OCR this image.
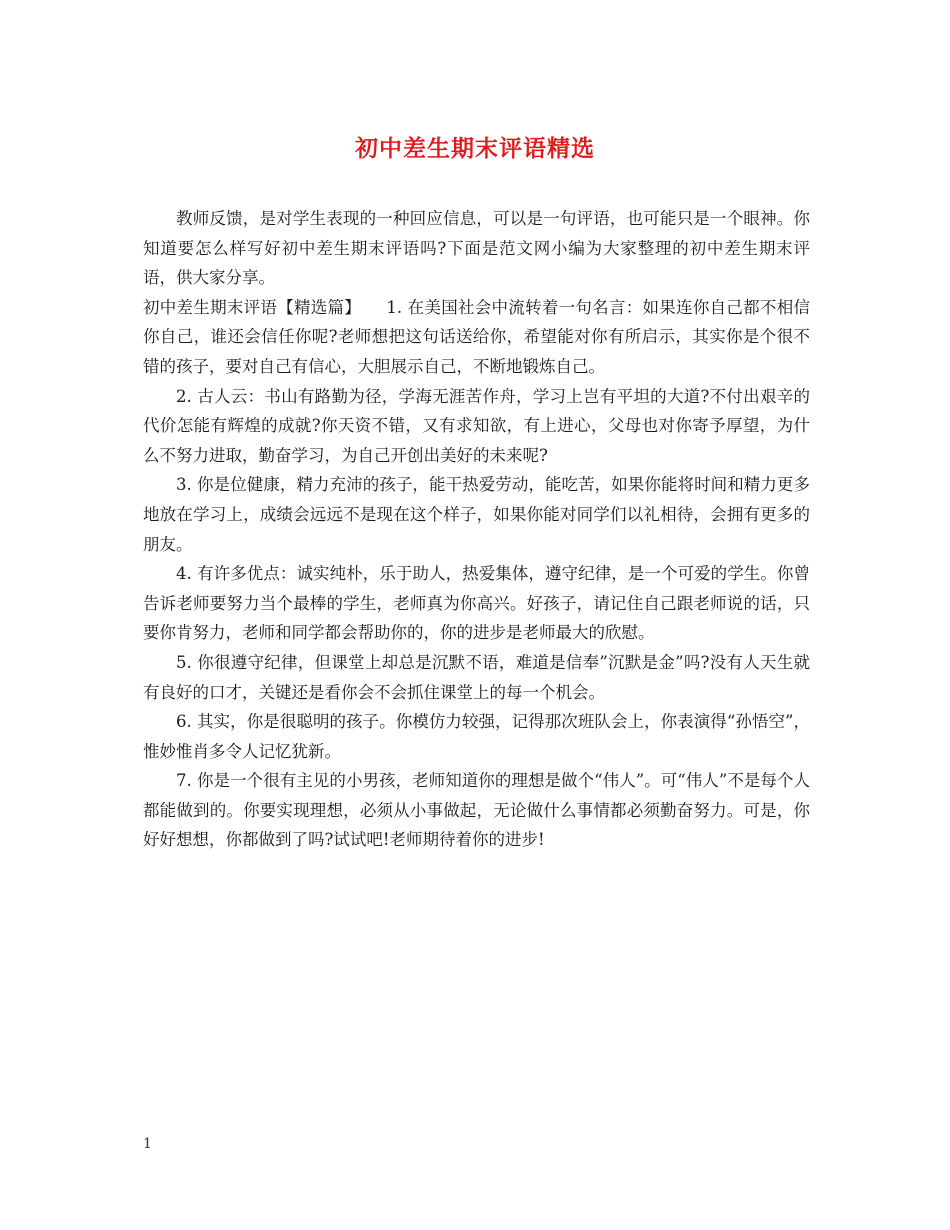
初中差生期末评语精选

教师反馈，是对学生表现的一种回应信息，可以是一句评语，也可能只是一个眼神。你知道要怎么样写好初中差生期末评语吗?下面是范文网小编为大家整理的初中差生期末评语，供大家分享。

初中差生期末评语【精选篇】　　1. 在美国社会中流转着一句名言：如果连你自己都不相信你自己，谁还会信任你呢?老师想把这句话送给你，希望能对你有所启示，其实你是个很不错的孩子，要对自己有信心，大胆展示自己，不断地锻炼自己。

2. 古人云：书山有路勤为径，学海无涯苦作舟，学习上岂有平坦的大道?不付出艰辛的代价怎能有辉煌的成就?你天资不错，又有求知欲，有上进心，父母也对你寄予厚望，为什么不努力进取，勤奋学习，为自己开创出美好的未来呢?

3. 你是位健康，精力充沛的孩子，能干热爱劳动，能吃苦，如果你能将时间和精力更多地放在学习上，成绩会远远不是现在这个样子，如果你能对同学们以礼相待，会拥有更多的朋友。

4. 有许多优点：诚实纯朴，乐于助人，热爱集体，遵守纪律，是一个可爱的学生。你曾告诉老师要努力当个最棒的学生，老师真为你高兴。好孩子，请记住自己跟老师说的话，只要你肯努力，老师和同学都会帮助你的，你的进步是老师最大的欣慰。

5. 你很遵守纪律，但课堂上却总是沉默不语，难道是信奉”沉默是金”吗?没有人天生就有良好的口才，关键还是看你会不会抓住课堂上的每一个机会。

6. 其实，你是很聪明的孩子。你模仿力较强，记得那次班队会上，你表演得“孙悟空”，惟妙惟肖多令人记忆犹新。

7. 你是一个很有主见的小男孩，老师知道你的理想是做个“伟人”。可“伟人”不是每个人都能做到的。你要实现理想，必须从小事做起，无论做什么事情都必须勤奋努力。可是，你好好想想，你都做到了吗?试试吧!老师期待着你的进步!

1
